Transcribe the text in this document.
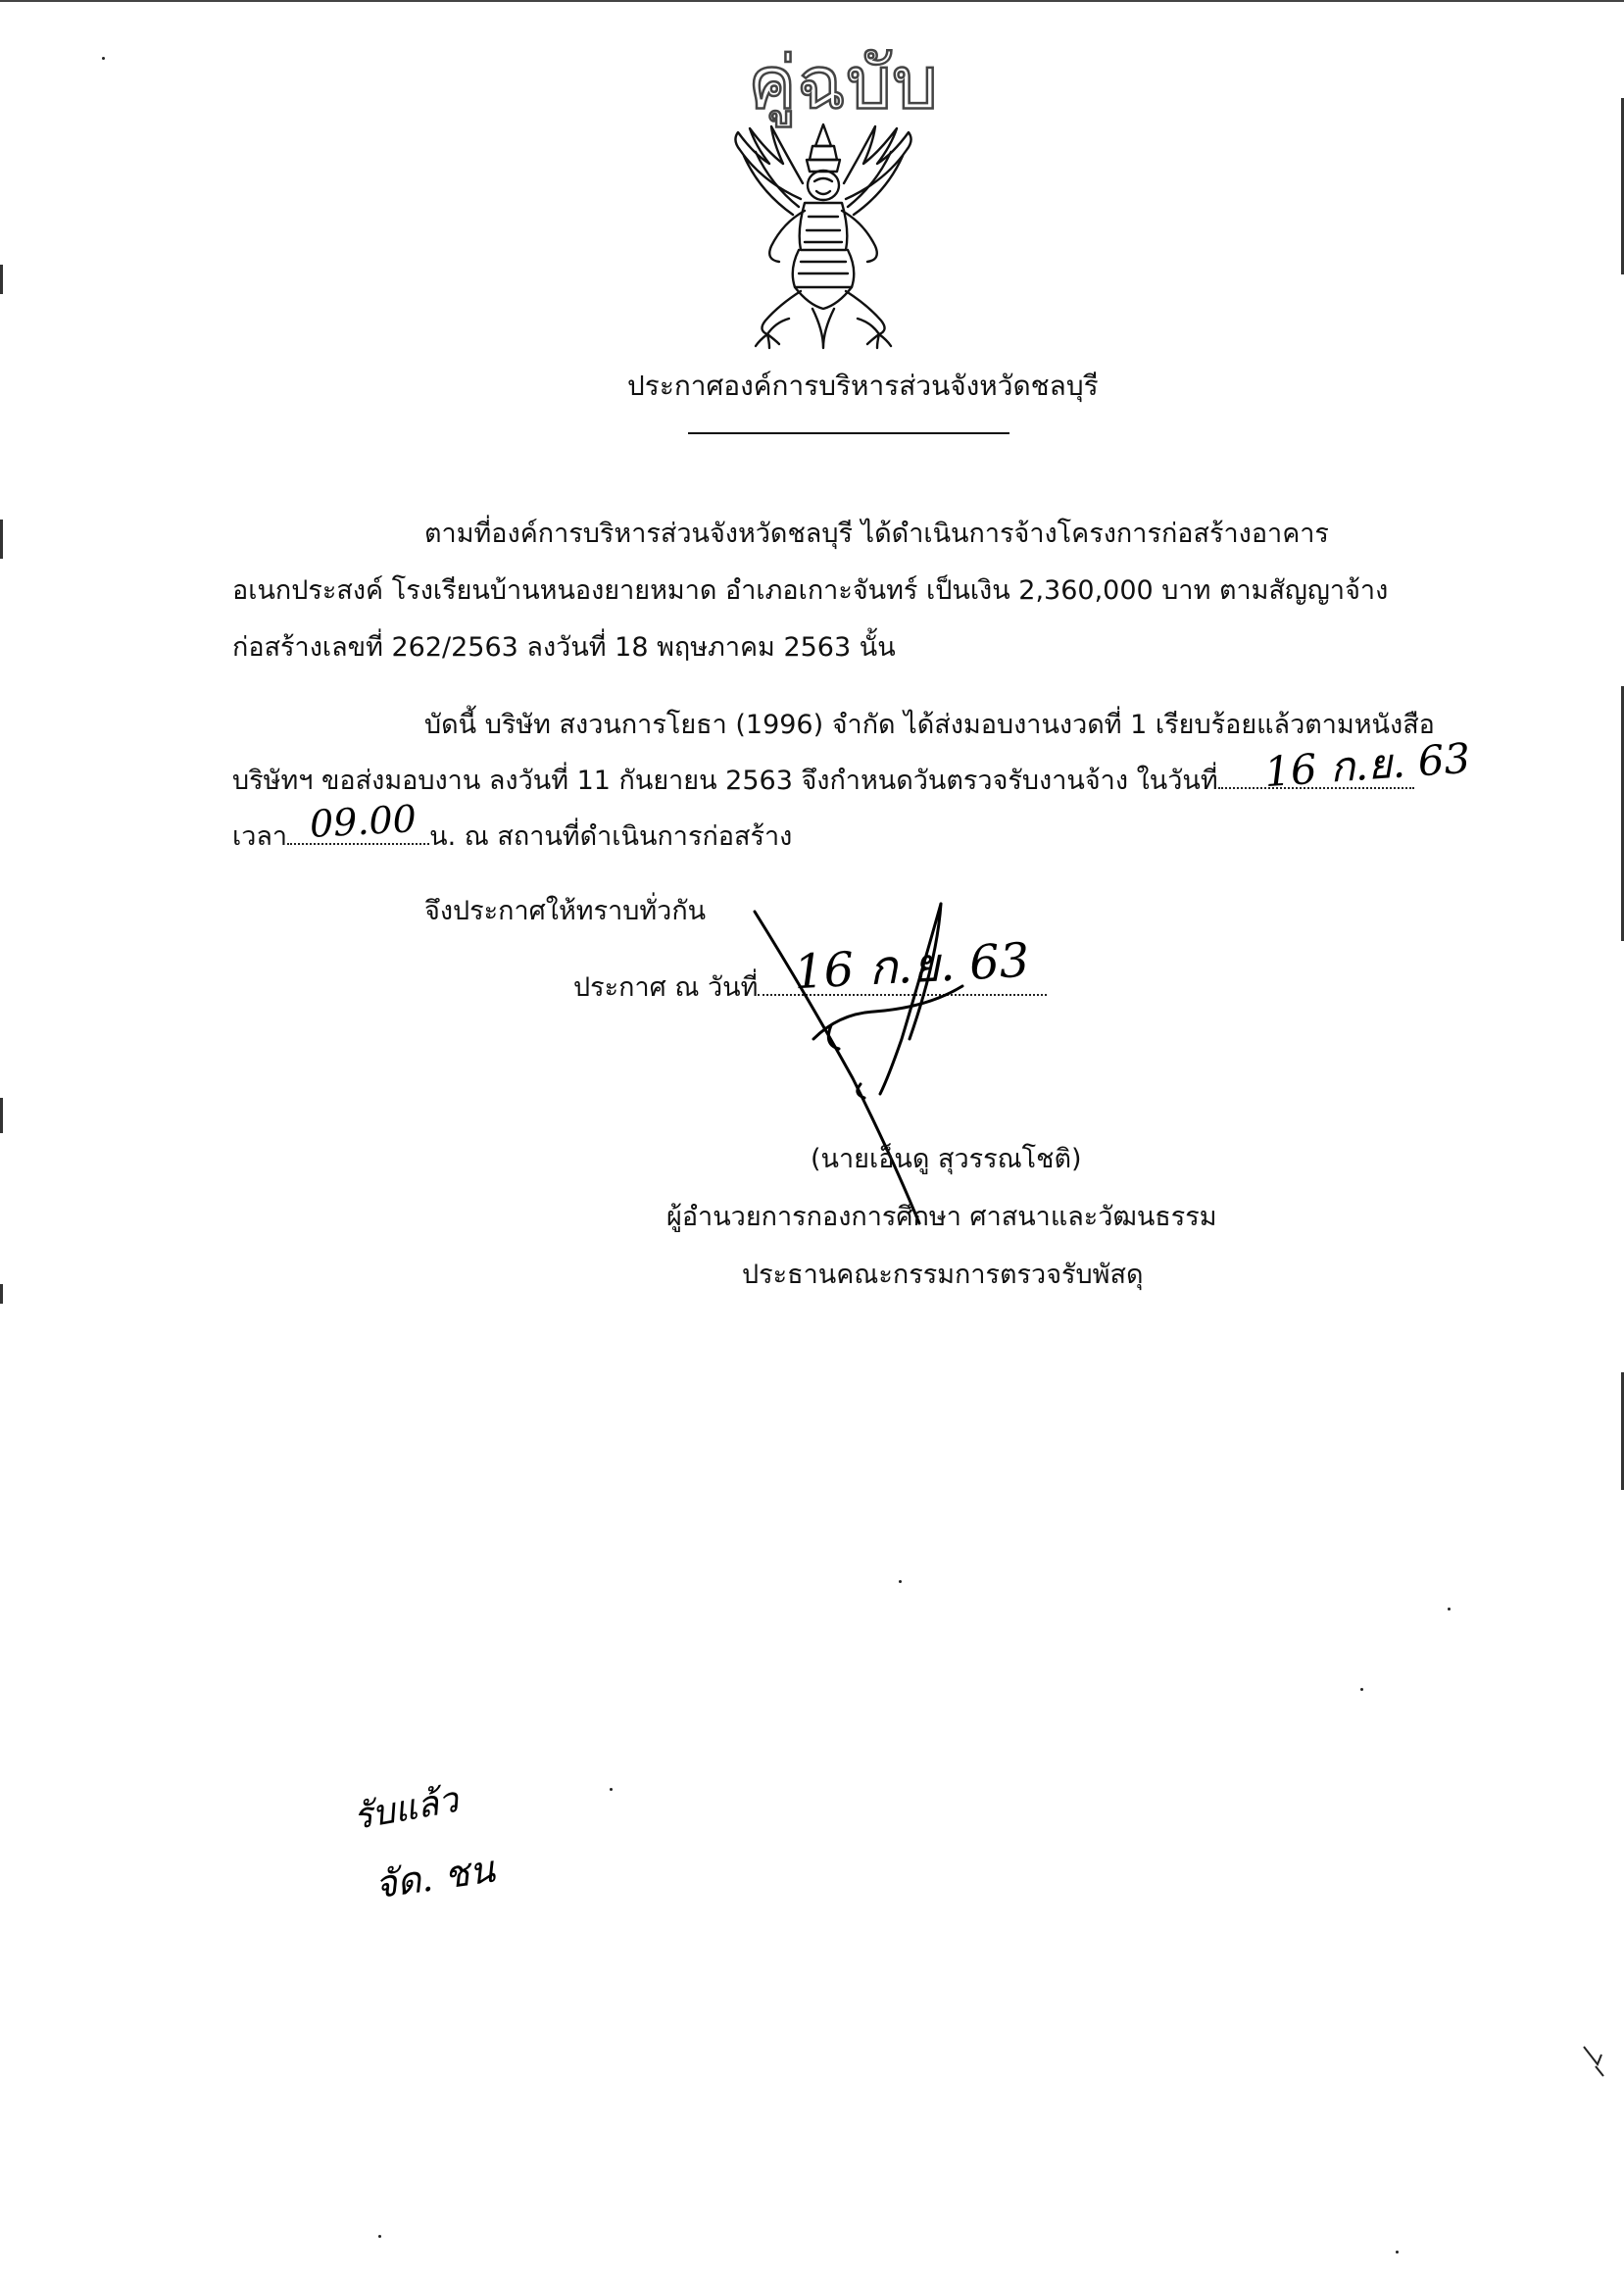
คู่ฉบับ
ประกาศองค์การบริหารส่วนจังหวัดชลบุรี
ตามที่องค์การบริหารส่วนจังหวัดชลบุรี ได้ดำเนินการจ้างโครงการก่อสร้างอาคาร
อเนกประสงค์ โรงเรียนบ้านหนองยายหมาด อำเภอเกาะจันทร์ เป็นเงิน 2,360,000 บาท ตามสัญญาจ้าง
ก่อสร้างเลขที่ 262/2563 ลงวันที่ 18 พฤษภาคม 2563 นั้น
บัดนี้ บริษัท สงวนการโยธา (1996) จำกัด ได้ส่งมอบงานงวดที่ 1 เรียบร้อยแล้วตามหนังสือ
บริษัทฯ ขอส่งมอบงาน ลงวันที่ 11 กันยายน 2563 จึงกำหนดวันตรวจรับงานจ้าง ในวันที่	16 ก.ย. 63
เวลา	น. ณ สถานที่ดำเนินการก่อสร้าง
09.00
จึงประกาศให้ทราบทั่วกัน
ประกาศ ณ วันที่ 16 ก.ย. 63
(นายเอ็นดู สุวรรณโชติ)
ผู้อำนวยการกองการศึกษา ศาสนาและวัฒนธรรม
ประธานคณะกรรมการตรวจรับพัสดุ
รับแล้ว
จัด. ชน
